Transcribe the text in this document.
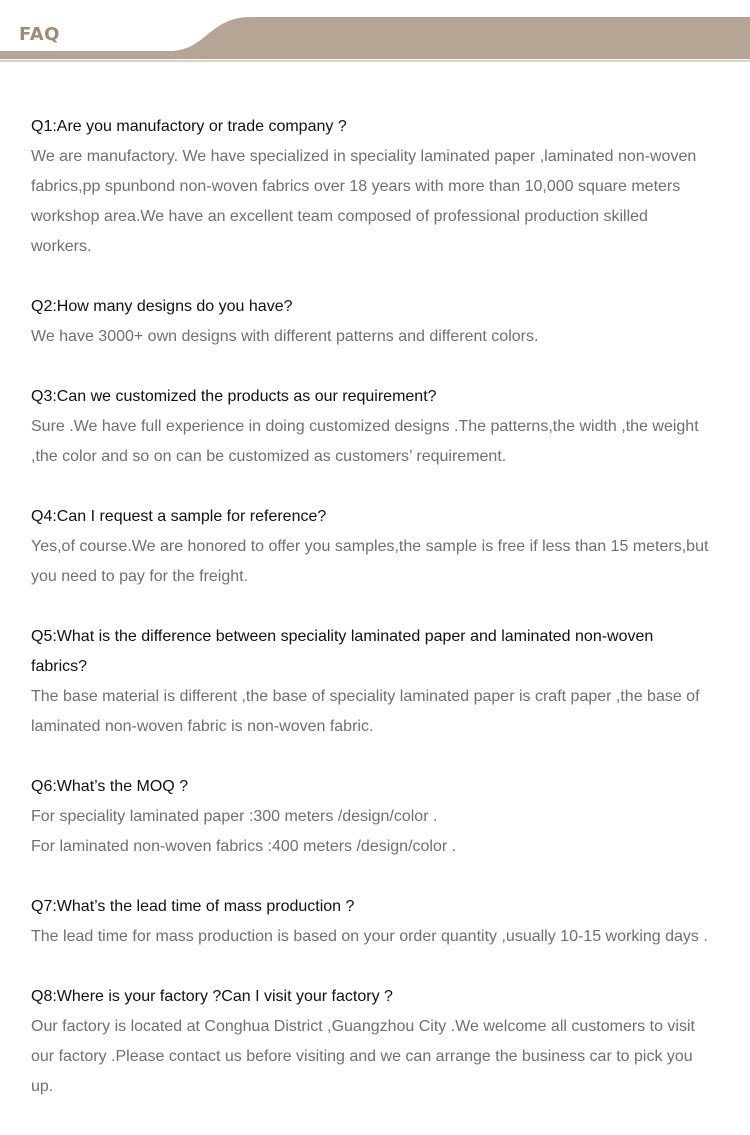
FAQ
Q1:Are you manufactory or trade company ?
We are manufactory. We have specialized in speciality laminated paper ,laminated non-woven
fabrics,pp spunbond non-woven fabrics over 18 years with more than 10,000 square meters
workshop area.We have an excellent team composed of professional production skilled
workers.
Q2:How many designs do you have?
We have 3000+ own designs with different patterns and different colors.
Q3:Can we customized the products as our requirement?
Sure .We have full experience in doing customized designs .The patterns,the width ,the weight
,the color and so on can be customized as customers’ requirement.
Q4:Can I request a sample for reference?
Yes,of course.We are honored to offer you samples,the sample is free if less than 15 meters,but
you need to pay for the freight.
Q5:What is the difference between speciality laminated paper and laminated non-woven
fabrics?
The base material is different ,the base of speciality laminated paper is craft paper ,the base of
laminated non-woven fabric is non-woven fabric.
Q6:What’s the MOQ ?
For speciality laminated paper :300 meters /design/color .
For laminated non-woven fabrics :400 meters /design/color .
Q7:What’s the lead time of mass production ?
The lead time for mass production is based on your order quantity ,usually 10-15 working days .
Q8:Where is your factory ?Can I visit your factory ?
Our factory is located at Conghua District ,Guangzhou City .We welcome all customers to visit
our factory .Please contact us before visiting and we can arrange the business car to pick you
up.
